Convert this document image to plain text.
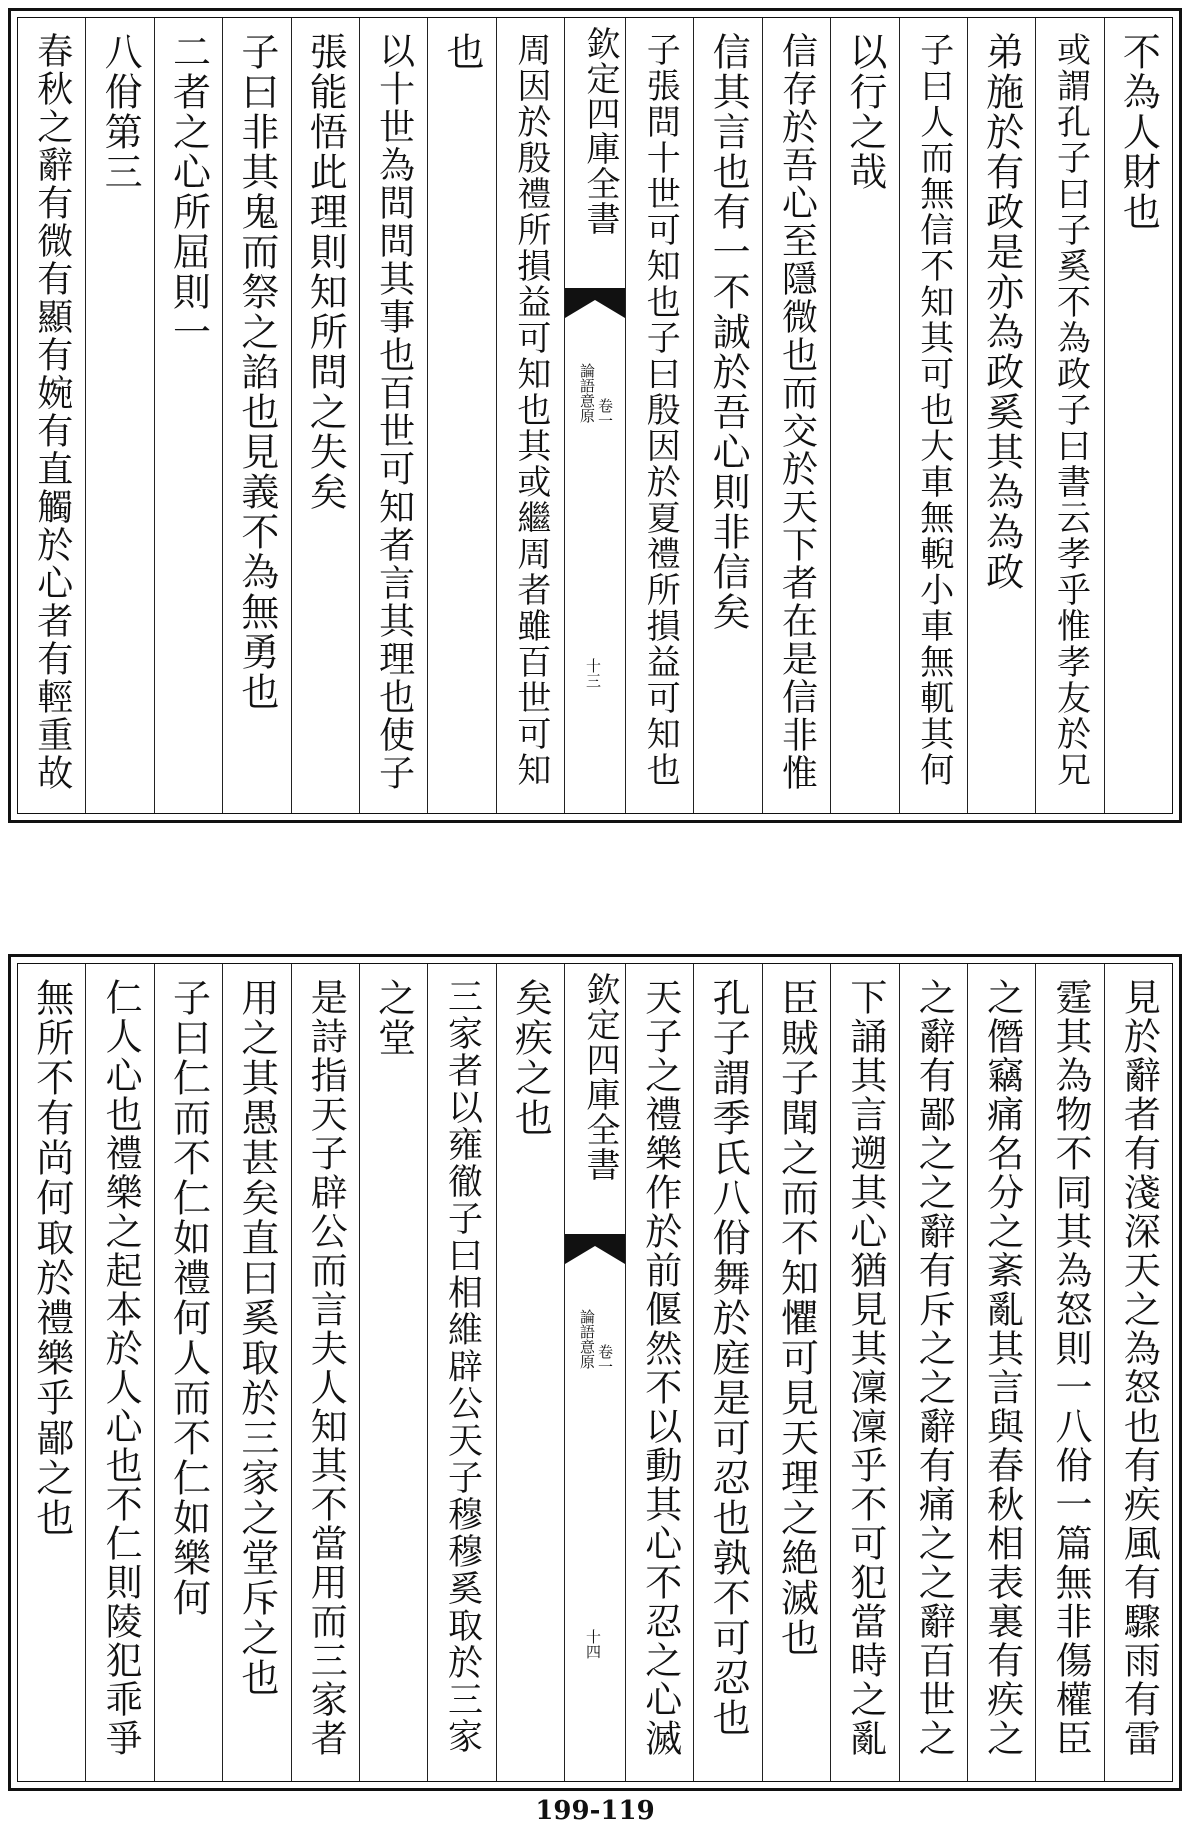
不為人財也
或謂孔子曰子奚不為政子曰書云孝乎惟孝友於兄
弟施於有政是亦為政奚其為為政
子曰人而無信不知其可也大車無輗小車無軏其何
以行之哉
信存於吾心至隱微也而交於天下者在是信非惟
信其言也有一不誠於吾心則非信矣
子張問十世可知也子曰殷因於夏禮所損益可知也
欽定四庫全書
論語意原 卷一
十三
周因於殷禮所損益可知也其或繼周者雖百世可知
也
以十世為問問其事也百世可知者言其理也使子
張能悟此理則知所問之失矣
子曰非其鬼而祭之諂也見義不為無勇也
二者之心所屈則一
八佾第三
春秋之辭有微有顯有婉有直觸於心者有輕重故
見於辭者有淺深天之為怒也有疾風有驟雨有雷
霆其為物不同其為怒則一八佾一篇無非傷權臣
之僭竊痛名分之紊亂其言與春秋相表裏有疾之
之辭有鄙之之辭有斥之之辭有痛之之辭百世之
下誦其言遡其心猶見其凜凜乎不可犯當時之亂
臣賊子聞之而不知懼可見天理之絶滅也
孔子謂季氏八佾舞於庭是可忍也孰不可忍也
天子之禮樂作於前偃然不以動其心不忍之心滅
欽定四庫全書
論語意原 卷一
十四
矣疾之也
三家者以雍徹子曰相維辟公天子穆穆奚取於三家
之堂
是詩指天子辟公而言夫人知其不當用而三家者
用之其愚甚矣直曰奚取於三家之堂斥之也
子曰仁而不仁如禮何人而不仁如樂何
仁人心也禮樂之起本於人心也不仁則陵犯乖爭
無所不有尚何取於禮樂乎鄙之也
199-119
